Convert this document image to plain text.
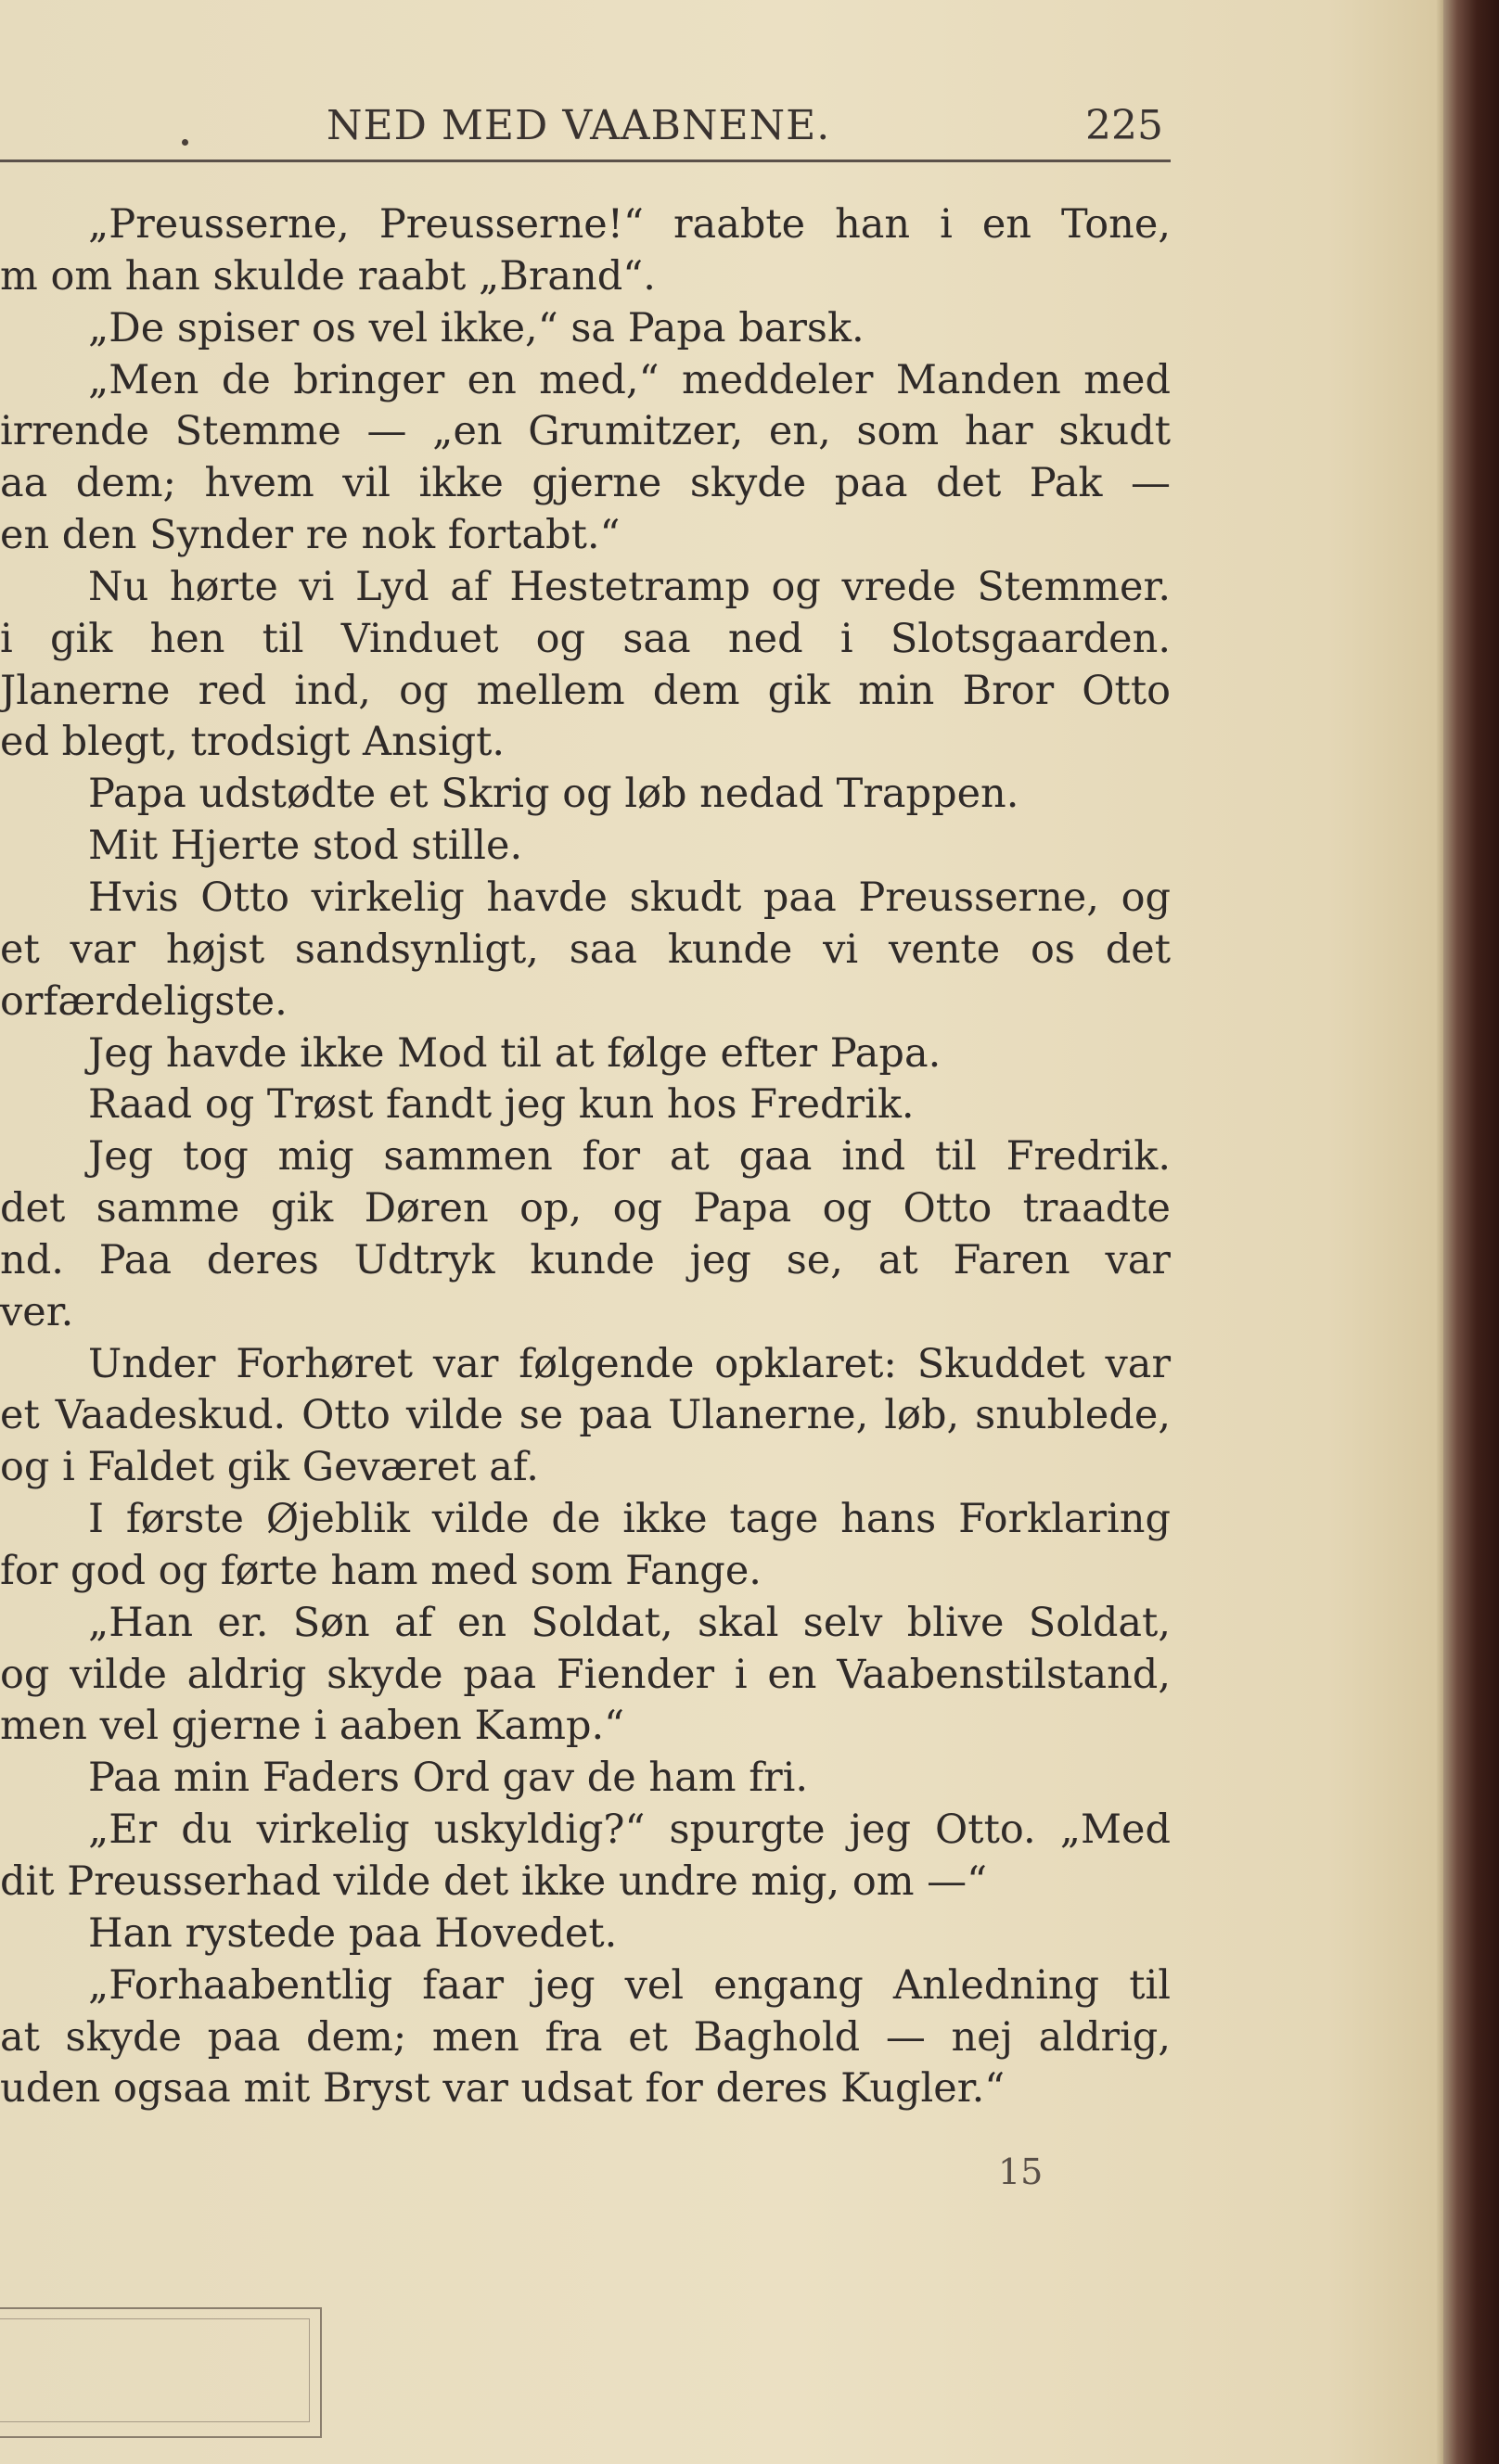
NED MED VAABNENE.	225
„Preusserne, Preusserne!“ raabte han i en Tone,
m om han skulde raabt „Brand“.
„De spiser os vel ikke,“ sa Papa barsk.
„Men de bringer en med,“ meddeler Manden med
irrende Stemme — „en Grumitzer, en, som har skudt
aa dem; hvem vil ikke gjerne skyde paa det Pak —
en den Synder re nok fortabt.“
Nu hørte vi Lyd af Hestetramp og vrede Stemmer.
i gik hen til Vinduet og saa ned i Slotsgaarden.
Jlanerne red ind, og mellem dem gik min Bror Otto
ed blegt, trodsigt Ansigt.
Papa udstødte et Skrig og løb nedad Trappen.
Mit Hjerte stod stille.
Hvis Otto virkelig havde skudt paa Preusserne, og
et var højst sandsynligt, saa kunde vi vente os det
orfærdeligste.
Jeg havde ikke Mod til at følge efter Papa.
Raad og Trøst fandt jeg kun hos Fredrik.
Jeg tog mig sammen for at gaa ind til Fredrik.
det samme gik Døren op, og Papa og Otto traadte
nd. Paa deres Udtryk kunde jeg se, at Faren var
ver.
Under Forhøret var følgende opklaret: Skuddet var
et Vaadeskud. Otto vilde se paa Ulanerne, løb, snublede,
og i Faldet gik Geværet af.
I første Øjeblik vilde de ikke tage hans Forklaring
for god og førte ham med som Fange.
„Han er. Søn af en Soldat, skal selv blive Soldat,
og vilde aldrig skyde paa Fiender i en Vaabenstilstand,
men vel gjerne i aaben Kamp.“
Paa min Faders Ord gav de ham fri.
„Er du virkelig uskyldig?“ spurgte jeg Otto. „Med
dit Preusserhad vilde det ikke undre mig, om —“
Han rystede paa Hovedet.
„Forhaabentlig faar jeg vel engang Anledning til
at skyde paa dem; men fra et Baghold — nej aldrig,
uden ogsaa mit Bryst var udsat for deres Kugler.“
15
